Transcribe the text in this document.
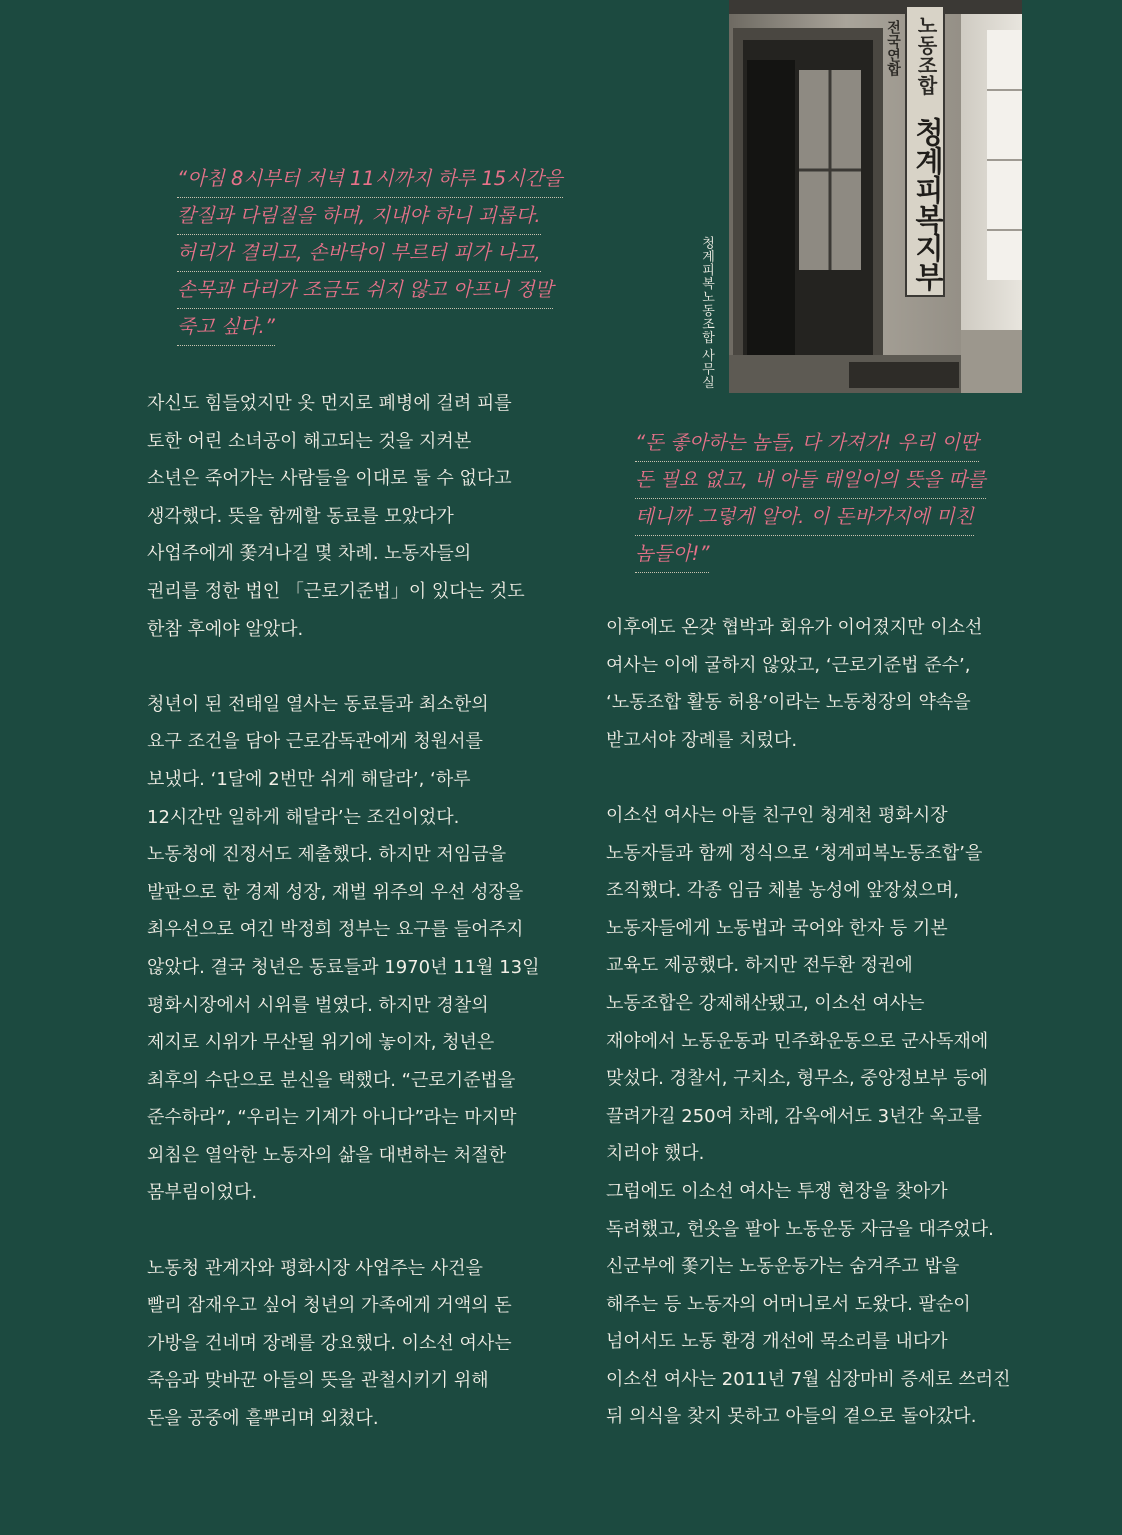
노동조합
청계피복지부
전국연합
청계피복노동조합 사무실
“아침 8시부터 저녁 11시까지 하루 15시간을
칼질과 다림질을 하며, 지내야 하니 괴롭다.
허리가 결리고, 손바닥이 부르터 피가 나고,
손목과 다리가 조금도 쉬지 않고 아프니 정말
죽고 싶다.”
“돈 좋아하는 놈들, 다 가져가! 우리 이딴
돈 필요 없고, 내 아들 태일이의 뜻을 따를
테니까 그렇게 알아. 이 돈바가지에 미친
놈들아!”
자신도 힘들었지만 옷 먼지로 폐병에 걸려 피를
토한 어린 소녀공이 해고되는 것을 지켜본
소년은 죽어가는 사람들을 이대로 둘 수 없다고
생각했다. 뜻을 함께할 동료를 모았다가
사업주에게 쫓겨나길 몇 차례. 노동자들의
권리를 정한 법인 「근로기준법」이 있다는 것도
한참 후에야 알았다.
청년이 된 전태일 열사는 동료들과 최소한의
요구 조건을 담아 근로감독관에게 청원서를
보냈다. ‘1달에 2번만 쉬게 해달라’, ‘하루
12시간만 일하게 해달라’는 조건이었다.
노동청에 진정서도 제출했다. 하지만 저임금을
발판으로 한 경제 성장, 재벌 위주의 우선 성장을
최우선으로 여긴 박정희 정부는 요구를 들어주지
않았다. 결국 청년은 동료들과 1970년 11월 13일
평화시장에서 시위를 벌였다. 하지만 경찰의
제지로 시위가 무산될 위기에 놓이자, 청년은
최후의 수단으로 분신을 택했다. “근로기준법을
준수하라”, “우리는 기계가 아니다”라는 마지막
외침은 열악한 노동자의 삶을 대변하는 처절한
몸부림이었다.
노동청 관계자와 평화시장 사업주는 사건을
빨리 잠재우고 싶어 청년의 가족에게 거액의 돈
가방을 건네며 장례를 강요했다. 이소선 여사는
죽음과 맞바꾼 아들의 뜻을 관철시키기 위해
돈을 공중에 흩뿌리며 외쳤다.
이후에도 온갖 협박과 회유가 이어졌지만 이소선
여사는 이에 굴하지 않았고, ‘근로기준법 준수’,
‘노동조합 활동 허용’이라는 노동청장의 약속을
받고서야 장례를 치렀다.
이소선 여사는 아들 친구인 청계천 평화시장
노동자들과 함께 정식으로 ‘청계피복노동조합’을
조직했다. 각종 임금 체불 농성에 앞장섰으며,
노동자들에게 노동법과 국어와 한자 등 기본
교육도 제공했다. 하지만 전두환 정권에
노동조합은 강제해산됐고, 이소선 여사는
재야에서 노동운동과 민주화운동으로 군사독재에
맞섰다. 경찰서, 구치소, 형무소, 중앙정보부 등에
끌려가길 250여 차례, 감옥에서도 3년간 옥고를
치러야 했다.
그럼에도 이소선 여사는 투쟁 현장을 찾아가
독려했고, 헌옷을 팔아 노동운동 자금을 대주었다.
신군부에 쫓기는 노동운동가는 숨겨주고 밥을
해주는 등 노동자의 어머니로서 도왔다. 팔순이
넘어서도 노동 환경 개선에 목소리를 내다가
이소선 여사는 2011년 7월 심장마비 증세로 쓰러진
뒤 의식을 찾지 못하고 아들의 곁으로 돌아갔다.
